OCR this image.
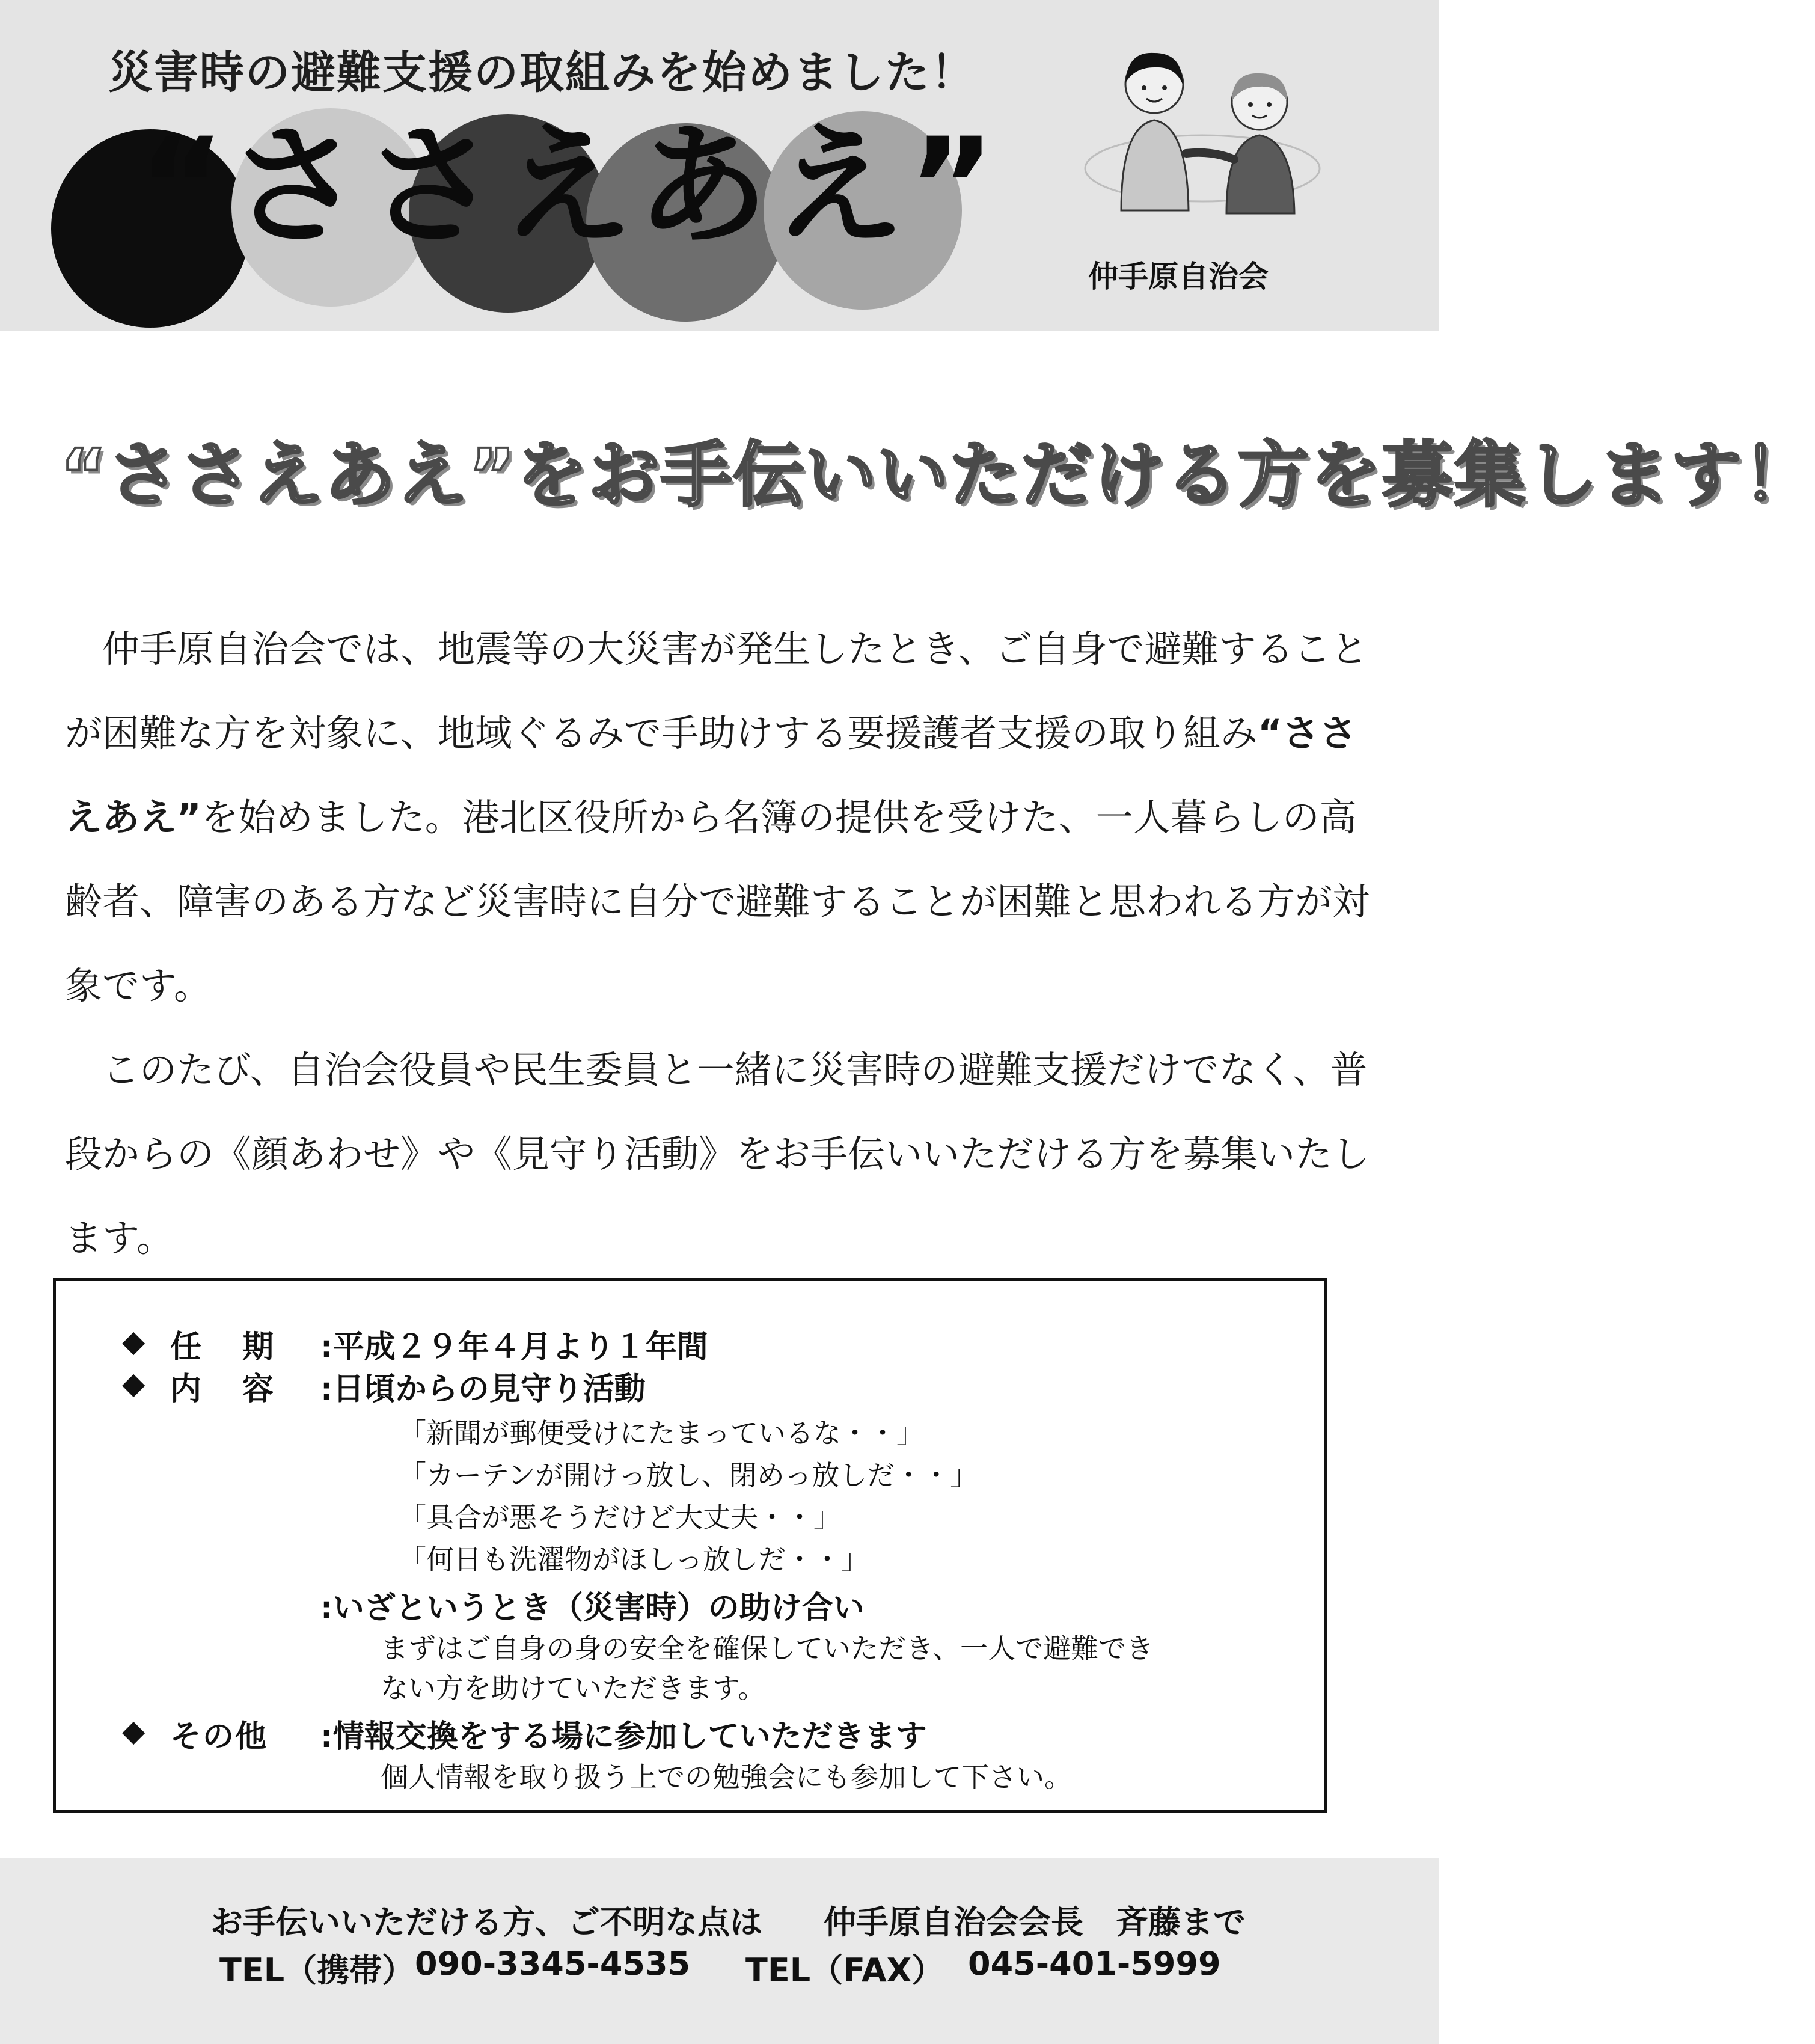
災害時の避難支援の取組みを始めました！
“ささえあえ”
仲手原自治会
“ささえあえ”をお手伝いいただける方を募集します！

仲手原自治会では、地震等の大災害が発生したとき、ご自身で避難することが困難な方を対象に、地域ぐるみで手助けする要援護者支援の取り組み“ささえあえ”を始めました。港北区役所から名簿の提供を受けた、一人暮らしの高齢者、障害のある方など災害時に自分で避難することが困難と思われる方が対象です。

このたび、自治会役員や民生委員と一緒に災害時の避難支援だけでなく、普段からの《顔あわせ》や《見守り活動》をお手伝いいただける方を募集いたします。

◆ 任　期 :平成２９年４月より１年間
◆ 内　容 :日頃からの見守り活動
「新聞が郵便受けにたまっているな・・」
「カーテンが開けっ放し、閉めっ放しだ・・」
「具合が悪そうだけど大丈夫・・」
「何日も洗濯物がほしっ放しだ・・」
:いざというとき（災害時）の助け合い
まずはご自身の身の安全を確保していただき、一人で避難でき
ない方を助けていただきます。
◆ その他 :情報交換をする場に参加していただきます
個人情報を取り扱う上での勉強会にも参加して下さい。
お手伝いいただける方、ご不明な点は 仲手原自治会会長　斉藤まで
TEL（携帯） 090-3345-4535 TEL（FAX） 045-401-5999
